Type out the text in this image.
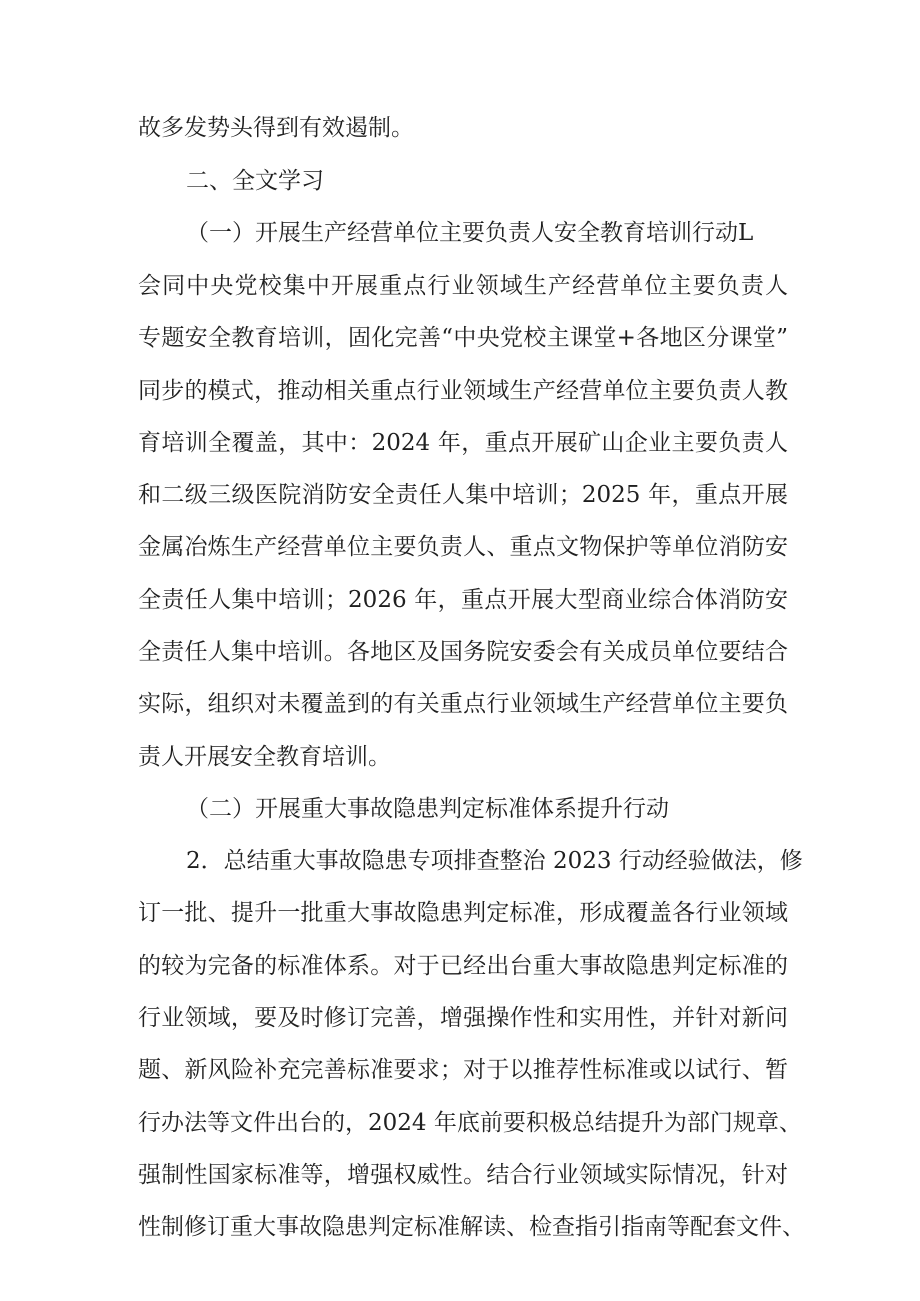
故多发势头得到有效遏制。
二、全文学习
（一）开展生产经营单位主要负责人安全教育培训行动L
会同中央党校集中开展重点行业领域生产经营单位主要负责人
专题安全教育培训，固化完善“中央党校主课堂+各地区分课堂”
同步的模式，推动相关重点行业领域生产经营单位主要负责人教
育培训全覆盖，其中：2024 年，重点开展矿山企业主要负责人
和二级三级医院消防安全责任人集中培训；2025 年，重点开展
金属冶炼生产经营单位主要负责人、重点文物保护等单位消防安
全责任人集中培训；2026 年，重点开展大型商业综合体消防安
全责任人集中培训。各地区及国务院安委会有关成员单位要结合
实际，组织对未覆盖到的有关重点行业领域生产经营单位主要负
责人开展安全教育培训。
（二）开展重大事故隐患判定标准体系提升行动
2．总结重大事故隐患专项排查整治 2023 行动经验做法，修
订一批、提升一批重大事故隐患判定标准，形成覆盖各行业领域
的较为完备的标准体系。对于已经出台重大事故隐患判定标准的
行业领域，要及时修订完善，增强操作性和实用性，并针对新问
题、新风险补充完善标准要求；对于以推荐性标准或以试行、暂
行办法等文件出台的，2024 年底前要积极总结提升为部门规章、
强制性国家标准等，增强权威性。结合行业领域实际情况，针对
性制修订重大事故隐患判定标准解读、检查指引指南等配套文件、
